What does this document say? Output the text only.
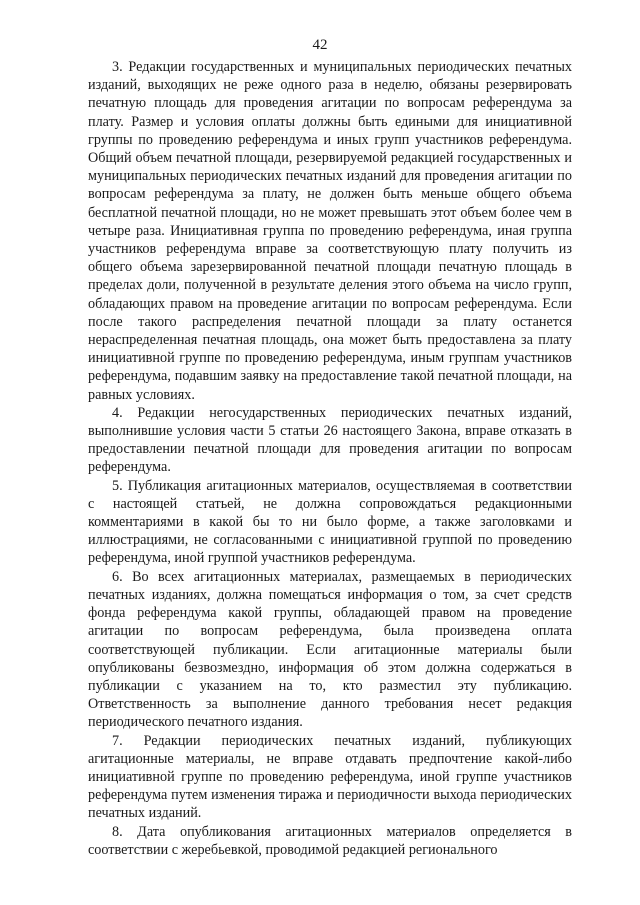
42

3. Редакции государственных и муниципальных периодических печатных изданий, выходящих не реже одного раза в неделю, обязаны резервировать печатную площадь для проведения агитации по вопросам референдума за плату. Размер и условия оплаты должны быть едиными для инициативной группы по проведению референдума и иных групп участников референдума. Общий объем печатной площади, резервируемой редакцией государственных и муниципальных периодических печатных изданий для проведения агитации по вопросам референдума за плату, не должен быть меньше общего объема бесплатной печатной площади, но не может превышать этот объем более чем в четыре раза. Инициативная группа по проведению референдума, иная группа участников референдума вправе за соответствующую плату получить из общего объема зарезервированной печатной площади печатную площадь в пределах доли, полученной в результате деления этого объема на число групп, обладающих правом на проведение агитации по вопросам референдума. Если после такого распределения печатной площади за плату останется нераспределенная печатная площадь, она может быть предоставлена за плату инициативной группе по проведению референдума, иным группам участников референдума, подавшим заявку на предоставление такой печатной площади, на равных условиях.

4. Редакции негосударственных периодических печатных изданий, выполнившие условия части 5 статьи 26 настоящего Закона, вправе отказать в предоставлении печатной площади для проведения агитации по вопросам референдума.

5. Публикация агитационных материалов, осуществляемая в соответствии с настоящей статьей, не должна сопровождаться редакционными комментариями в какой бы то ни было форме, а также заголовками и иллюстрациями, не согласованными с инициативной группой по проведению референдума, иной группой участников референдума.

6. Во всех агитационных материалах, размещаемых в периодических печатных изданиях, должна помещаться информация о том, за счет средств фонда референдума какой группы, обладающей правом на проведение агитации по вопросам референдума, была произведена оплата соответствующей публикации. Если агитационные материалы были опубликованы безвозмездно, информация об этом должна содержаться в публикации с указанием на то, кто разместил эту публикацию. Ответственность за выполнение данного требования несет редакция периодического печатного издания.

7. Редакции периодических печатных изданий, публикующих агитационные материалы, не вправе отдавать предпочтение какой-либо инициативной группе по проведению референдума, иной группе участников референдума путем изменения тиража и периодичности выхода периодических печатных изданий.

8. Дата опубликования агитационных материалов определяется в соответствии с жеребьевкой, проводимой редакцией регионального
